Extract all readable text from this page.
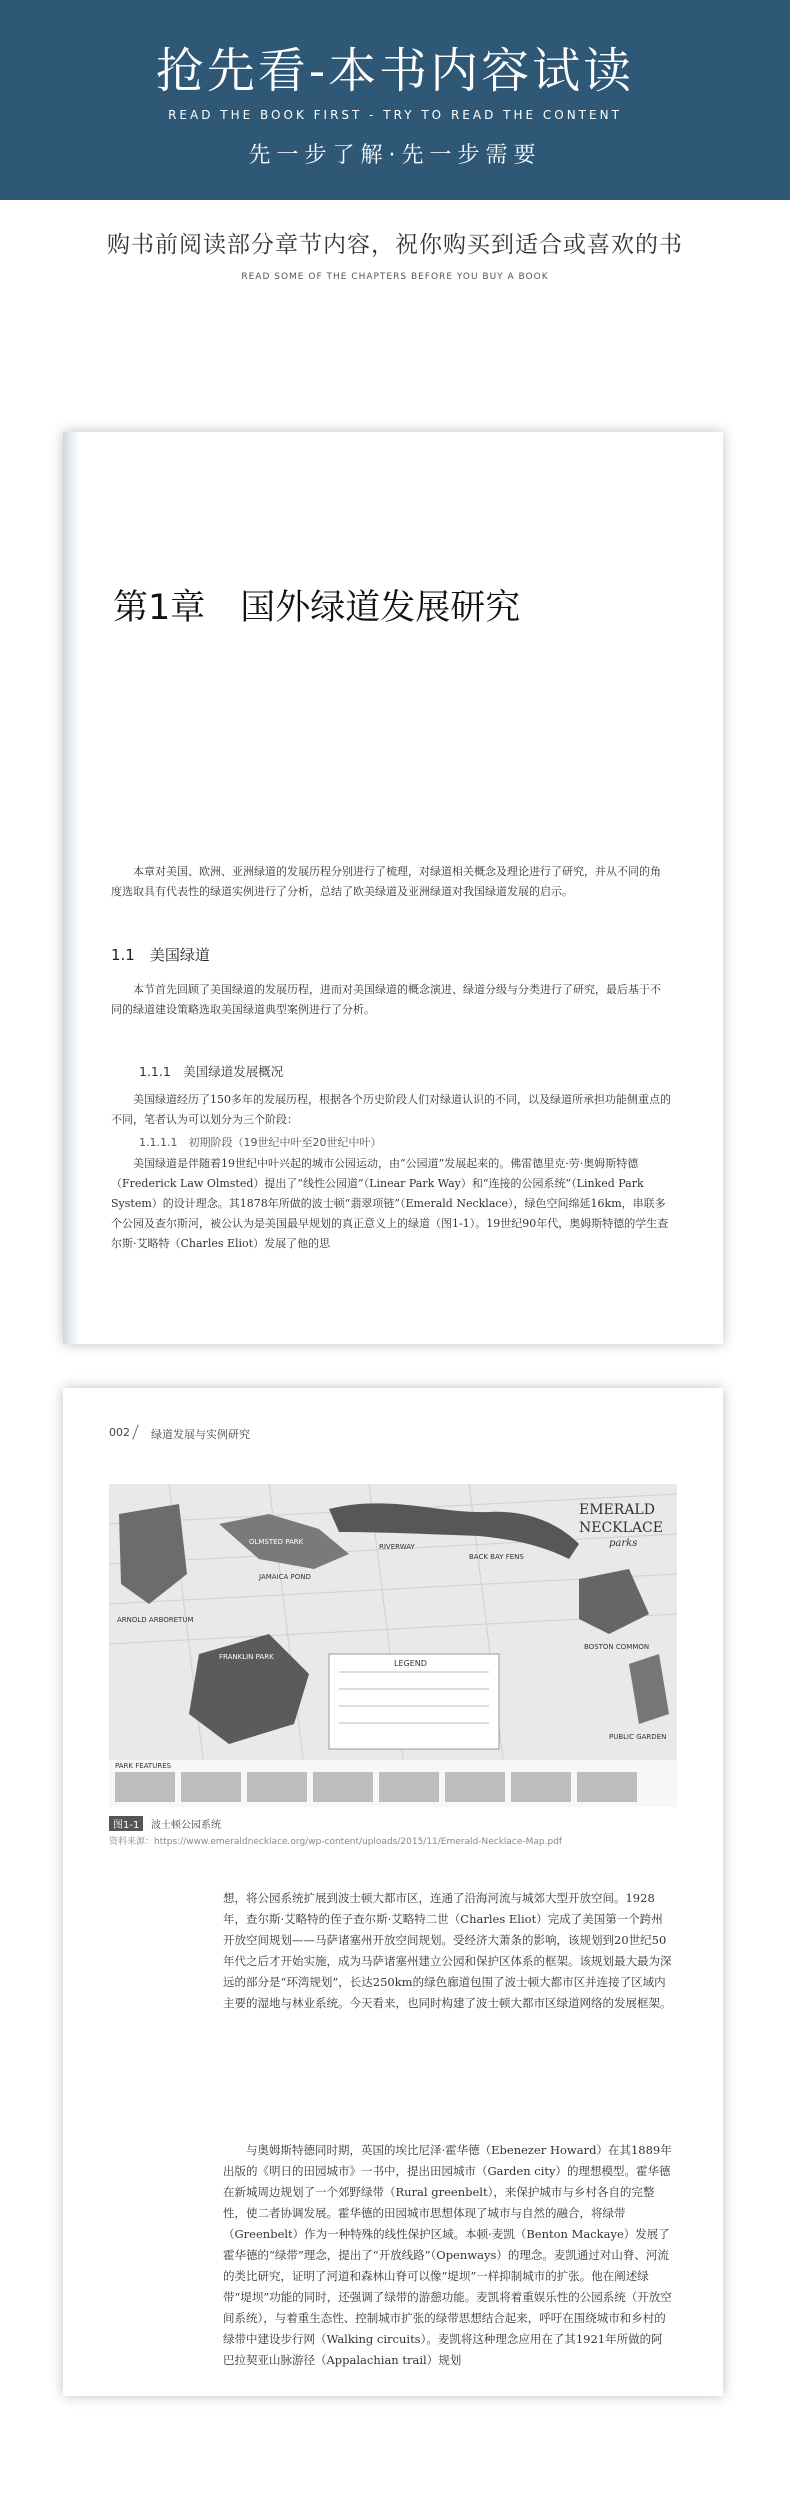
抢先看-本书内容试读
READ THE BOOK FIRST - TRY TO READ THE CONTENT
先一步了解·先一步需要
购书前阅读部分章节内容，祝你购买到适合或喜欢的书
READ SOME OF THE CHAPTERS BEFORE YOU BUY A BOOK
第1章　国外绿道发展研究
本章对美国、欧洲、亚洲绿道的发展历程分别进行了梳理，对绿道相关概念及理论进行了研究，并从不同的角度选取具有代表性的绿道实例进行了分析，总结了欧美绿道及亚洲绿道对我国绿道发展的启示。
1.1　美国绿道
本节首先回顾了美国绿道的发展历程，进而对美国绿道的概念演进、绿道分级与分类进行了研究，最后基于不同的绿道建设策略选取美国绿道典型案例进行了分析。
1.1.1　美国绿道发展概况
美国绿道经历了150多年的发展历程，根据各个历史阶段人们对绿道认识的不同，以及绿道所承担功能侧重点的不同，笔者认为可以划分为三个阶段：
1.1.1.1　初期阶段（19世纪中叶至20世纪中叶）
美国绿道是伴随着19世纪中叶兴起的城市公园运动，由“公园道”发展起来的。佛雷德里克·劳·奥姆斯特德（Frederick Law Olmsted）提出了“线性公园道”（Linear Park Way）和“连接的公园系统”（Linked Park System）的设计理念。其1878年所做的波士顿“翡翠项链”（Emerald Necklace），绿色空间绵延16km，串联多个公园及查尔斯河，被公认为是美国最早规划的真正意义上的绿道（图1-1）。19世纪90年代，奥姆斯特德的学生查尔斯·艾略特（Charles Eliot）发展了他的思
002 绿道发展与实例研究
EMERALD
NECKLACE
parks
ARNOLD ARBORETUM
FRANKLIN PARK
OLMSTED PARK
JAMAICA POND
BACK BAY FENS
RIVERWAY
BOSTON COMMON
PUBLIC GARDEN
LEGEND
PARK FEATURES
图1-1	波士顿公园系统
资料来源：https://www.emeraldnecklace.org/wp-content/uploads/2015/11/Emerald-Necklace-Map.pdf
想，将公园系统扩展到波士顿大都市区，连通了沿海河流与城郊大型开放空间。1928年，查尔斯·艾略特的侄子查尔斯·艾略特二世（Charles Eliot）完成了美国第一个跨州开放空间规划——马萨诸塞州开放空间规划。受经济大萧条的影响，该规划到20世纪50年代之后才开始实施，成为马萨诸塞州建立公园和保护区体系的框架。该规划最大最为深远的部分是“环湾规划”，长达250km的绿色廊道包围了波士顿大都市区并连接了区域内主要的湿地与林业系统。今天看来，也同时构建了波士顿大都市区绿道网络的发展框架。
与奥姆斯特德同时期，英国的埃比尼泽·霍华德（Ebenezer Howard）在其1889年出版的《明日的田园城市》一书中，提出田园城市（Garden city）的理想模型。霍华德在新城周边规划了一个郊野绿带（Rural greenbelt），来保护城市与乡村各自的完整性，使二者协调发展。霍华德的田园城市思想体现了城市与自然的融合，将绿带（Greenbelt）作为一种特殊的线性保护区域。本顿·麦凯（Benton Mackaye）发展了霍华德的“绿带”理念，提出了“开放线路”（Openways）的理念。麦凯通过对山脊、河流的类比研究，证明了河道和森林山脊可以像“堤坝”一样抑制城市的扩张。他在阐述绿带“堤坝”功能的同时，还强调了绿带的游憩功能。麦凯将着重娱乐性的公园系统（开放空间系统），与着重生态性、控制城市扩张的绿带思想结合起来，呼吁在围绕城市和乡村的绿带中建设步行网（Walking circuits）。麦凯将这种理念应用在了其1921年所做的阿巴拉契亚山脉游径（Appalachian trail）规划
